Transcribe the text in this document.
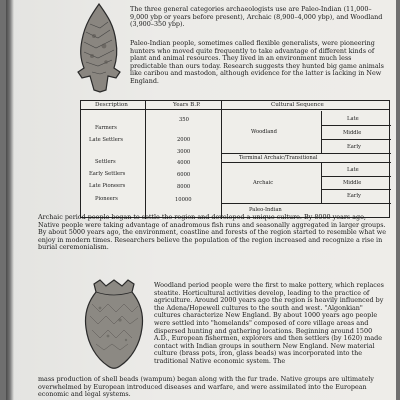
The three general categories archaeologists use are Paleo-Indian (11,000–9,000 ybp or years before present), Archaic (8,900–4,000 ybp), and Woodland (3,900–350 ybp).

Paleo-Indian people, sometimes called flexible generalists, were pioneering hunters who moved quite frequently to take advantage of different kinds of plant and animal resources. They lived in an environment much less predictable than ours today. Research suggests they hunted big game animals like caribou and mastodon, although evidence for the latter is lacking in New England.

Description	Years B.P.	Cultural Sequence
Farmers
Late Settlers
Settlers
Early Settlers
Late Pioneers
Pioneers
350
2000
3000
4000
6000
8000
10000
Woodland
Terminal Archaic/Transitional
Archaic
Paleo-Indian
Late
Middle
Early
Late
Middle
Early

Archaic period people began to settle the region and developed a unique culture. By 8000 years ago, Native people were taking advantage of anadromous fish runs and seasonally aggregated in larger groups. By about 5000 years ago, the environment, coastline and forests of the region started to resemble what we enjoy in modern times. Researchers believe the population of the region increased and recognize a rise in burial ceremonialism.

Woodland period people were the first to make pottery, which replaces steatite. Horticultural activities develop, leading to the practice of agriculture. Around 2000 years ago the region is heavily influenced by the Adena/Hopewell cultures to the south and west. "Algonkian" cultures characterize New England. By about 1000 years ago people were settled into "homelands" composed of core village areas and dispersed hunting and gathering locations. Beginning around 1500 A.D., European fishermen, explorers and then settlers (by 1620) made contact with Indian groups in southern New England. New material culture (brass pots, iron, glass beads) was incorporated into the traditional Native economic system. The

mass production of shell beads (wampum) began along with the fur trade. Native groups are ultimately overwhelmed by European introduced diseases and warfare, and were assimilated into the European economic and legal systems.
